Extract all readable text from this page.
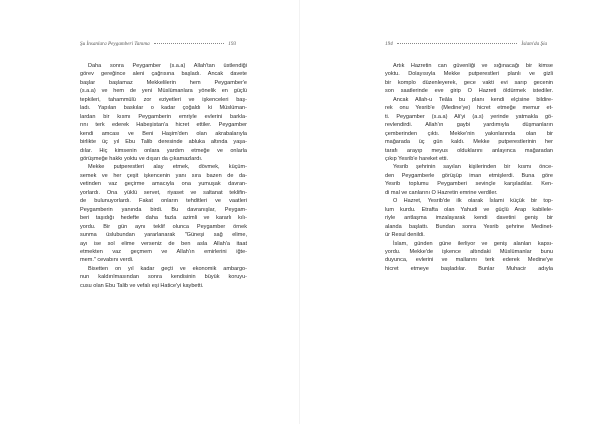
Şu İnsanlara Peygamberi Tanıma	193
Daha sonra Peygamber (s.a.a) Allah'tan üstlendiği
görev gereğince aleni çağrısına başladı. Ancak davete
başlar başlamaz Mekkelilerin hem Peygamber'e
(s.a.a) ve hem de yeni Müslümanlara yönelik en güçlü
tepkileri, tahammülü zor eziyetleri ve işkenceleri baş-
ladı. Yapılan baskılar o kadar çoğaldı ki Müslüman-
lardan bir kısmı Peygamberin emriyle evlerini barkla-
rını terk ederek Habeşistan'a hicret ettiler. Peygamber
kendi amcası ve Beni Haşim'den olan akrabalarıyla
birlikte üç yıl Ebu Talib deresinde abluka altında yaşa-
dılar. Hiç kimsenin onlara yardım etmeğe ve onlarla
görüşmeğe hakkı yoktu ve dışarı da çıkamazlardı.
Mekke putperestleri alay etmek, dövmek, küçüm-
semek ve her çeşit işkencenin yanı sıra bazen de da-
vetinden vaz geçirme amacıyla ona yumuşak davran-
yorlardı. Ona yüklü servet, riyaset ve saltanat teklifin-
de bulunuyorlardı. Fakat onların tehditleri ve vaatleri
Peygamberin yanında birdi. Bu davranışlar, Peygam-
beri taşıdığı hedefte daha fazla azimli ve kararlı kılı-
yordu. Bir gün aynı teklif olunca Peygamber örnek
sunma üslubundan yararlanarak "Güneşi sağ elime,
ayı ise sol elime verseniz de ben asla Allah'a itaat
etmekten vaz geçmem ve Allah'ın emirlerini iğte-
mem." cevabını verdi.
Bisetten on yıl kadar geçti ve ekonomik ambargo-
nun kaldırılmasından sonra kendisinin büyük koruyu-
cusu olan Ebu Talib ve vefalı eşi Hatice'yi kaybetti.
194	İslam'da Şia
Artık Hazretin can güvenliği ve sığınacağı bir kimse
yoktu. Dolayısıyla Mekke putperestleri planlı ve gizli
bir komplo düzenleyerek, gece vakti evi sarıp gecenin
son saatlerinde eve girip O Hazreti öldürmek istediler.
Ancak Allah-u Teâla bu planı kendi elçisine bildire-
rek onu Yesrib'e (Medine'ye) hicret etmeğe memur et-
ti. Peygamber (s.a.a) Ali'yi (a.s) yerinde yatmakla gö-
revlendirdi. Allah'ın gaybi yardımıyla düşmanların
çemberinden çıktı. Mekke'nin yakınlarında olan bir
mağarada üç gün kaldı. Mekke putperestlerinin her
tarafı arayıp meyus olduklarını anlayınca mağaradan
çıkıp Yesrib'e hareket etti.
Yesrib şehrinin sayılan kişilerinden bir kısmı önce-
den Peygamberle görüşüp iman etmişlerdi. Buna göre
Yesrib toplumu Peygamberi sevinçle karşıladılar. Ken-
di mal ve canlarını O Hazretin emrine verdiler.
O Hazret, Yesrib'de ilk olarak İslami küçük bir top-
lum kurdu. Etrafta olan Yahudi ve güçlü Arap kabilele-
riyle antlaşma imzalayarak kendi davetini geniş bir
alanda başlattı. Bundan sonra Yesrib şehrine Medinet-
ür Resul denildi.
İslam, günden güne ilerliyor ve geniş alanları kapsı-
yordu. Mekke'de işkence altındaki Müslümanlar bunu
duyunca, evlerini ve mallarını terk ederek Medine'ye
hicret etmeye başladılar. Bunlar Muhacir adıyla
